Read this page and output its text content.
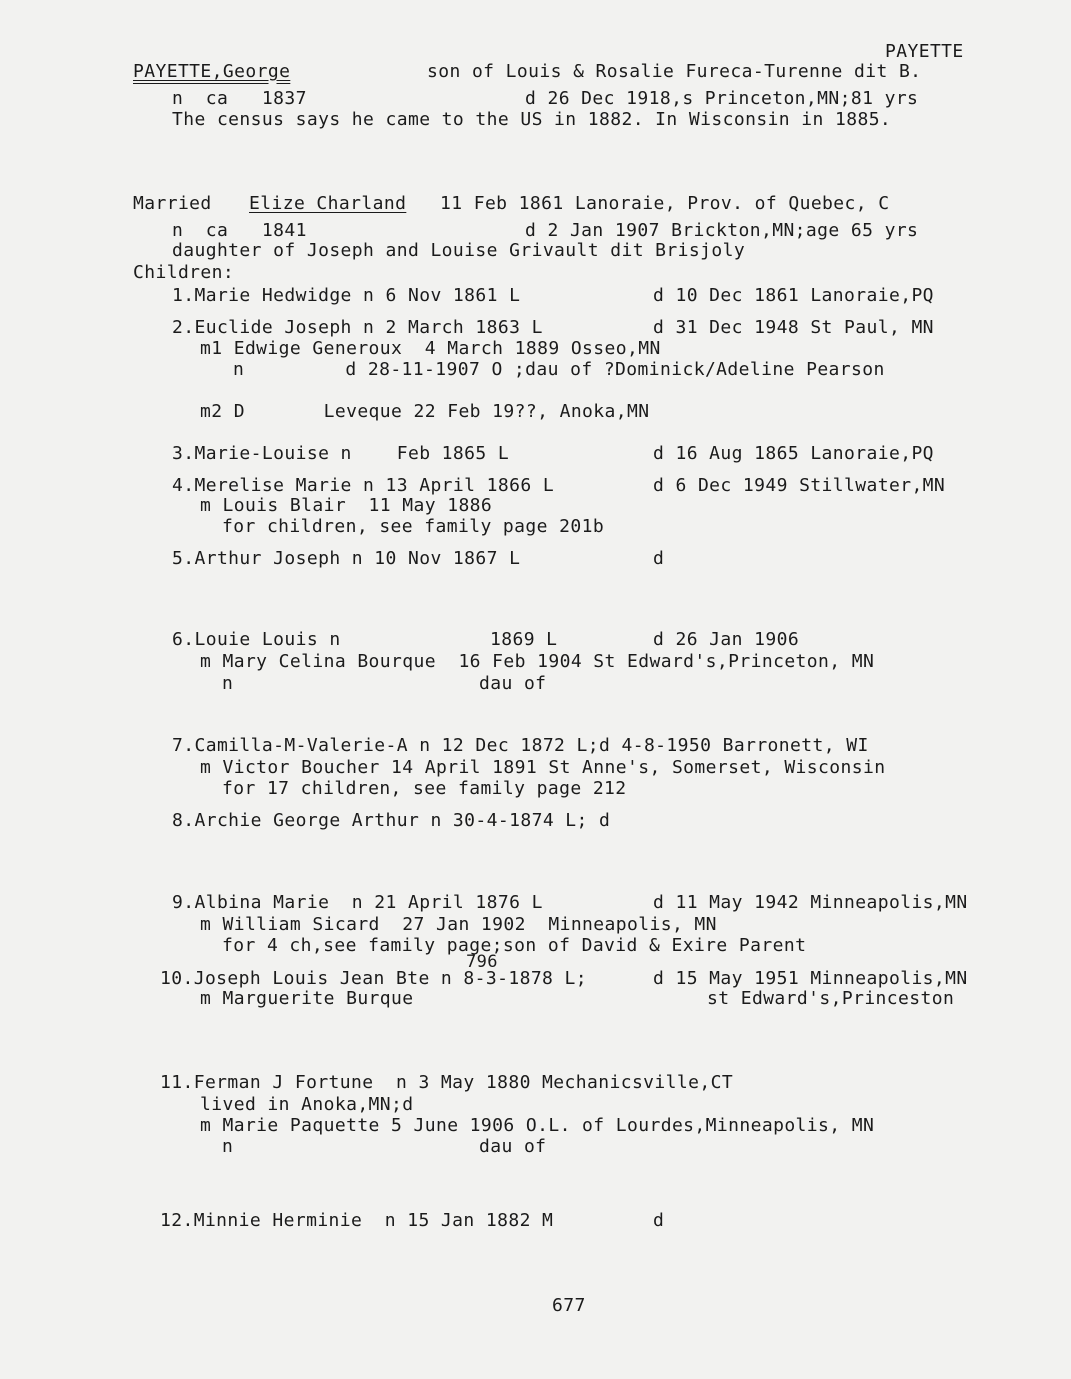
PAYETTE
PAYETTE,George	son of Louis & Rosalie Fureca-Turenne dit B.
n  ca   1837	d 26 Dec 1918,s Princeton,MN;81 yrs
The census says he came to the US in 1882. In Wisconsin in 1885.
Married Elize Charland 11 Feb 1861 Lanoraie, Prov. of Quebec, C
n  ca   1841	d 2 Jan 1907 Brickton,MN;age 65 yrs
daughter of Joseph and Louise Grivault dit Brisjoly
Children:
1.Marie Hedwidge n 6 Nov 1861 L	d 10 Dec 1861 Lanoraie,PQ
2.Euclide Joseph n 2 March 1863 L	d 31 Dec 1948 St Paul, MN
m1 Edwige Generoux  4 March 1889 Osseo,MN
n         d 28-11-1907 O ;dau of ?Dominick/Adeline Pearson
m2 D       Leveque 22 Feb 19??, Anoka,MN
3.Marie-Louise n    Feb 1865 L	d 16 Aug 1865 Lanoraie,PQ
4.Merelise Marie n 13 April 1866 L	d 6 Dec 1949 Stillwater,MN
m Louis Blair  11 May 1886
for children, see family page 201b
5.Arthur Joseph n 10 Nov 1867 L	d
6.Louie Louis n	1869 L	d 26 Jan 1906
m Mary Celina Bourque  16 Feb 1904 St Edward's,Princeton, MN
n	dau of
7.Camilla-M-Valerie-A n 12 Dec 1872 L;d 4-8-1950 Barronett, WI
m Victor Boucher 14 April 1891 St Anne's, Somerset, Wisconsin
for 17 children, see family page 212
8.Archie George Arthur n 30-4-1874 L; d
9.Albina Marie  n 21 April 1876 L	d 11 May 1942 Minneapolis,MN
m William Sicard  27 Jan 1902  Minneapolis, MN
for 4 ch,see family page;son of David & Exire Parent
796
10.Joseph Louis Jean Bte n 8-3-1878 L;	d 15 May 1951 Minneapolis,MN
m Marguerite Burque	st Edward's,Princeston
11.Ferman J Fortune  n 3 May 1880 Mechanicsville,CT
lived in Anoka,MN;d
m Marie Paquette 5 June 1906 O.L. of Lourdes,Minneapolis, MN
n	dau of
12.Minnie Herminie  n 15 Jan 1882 M	d
677
